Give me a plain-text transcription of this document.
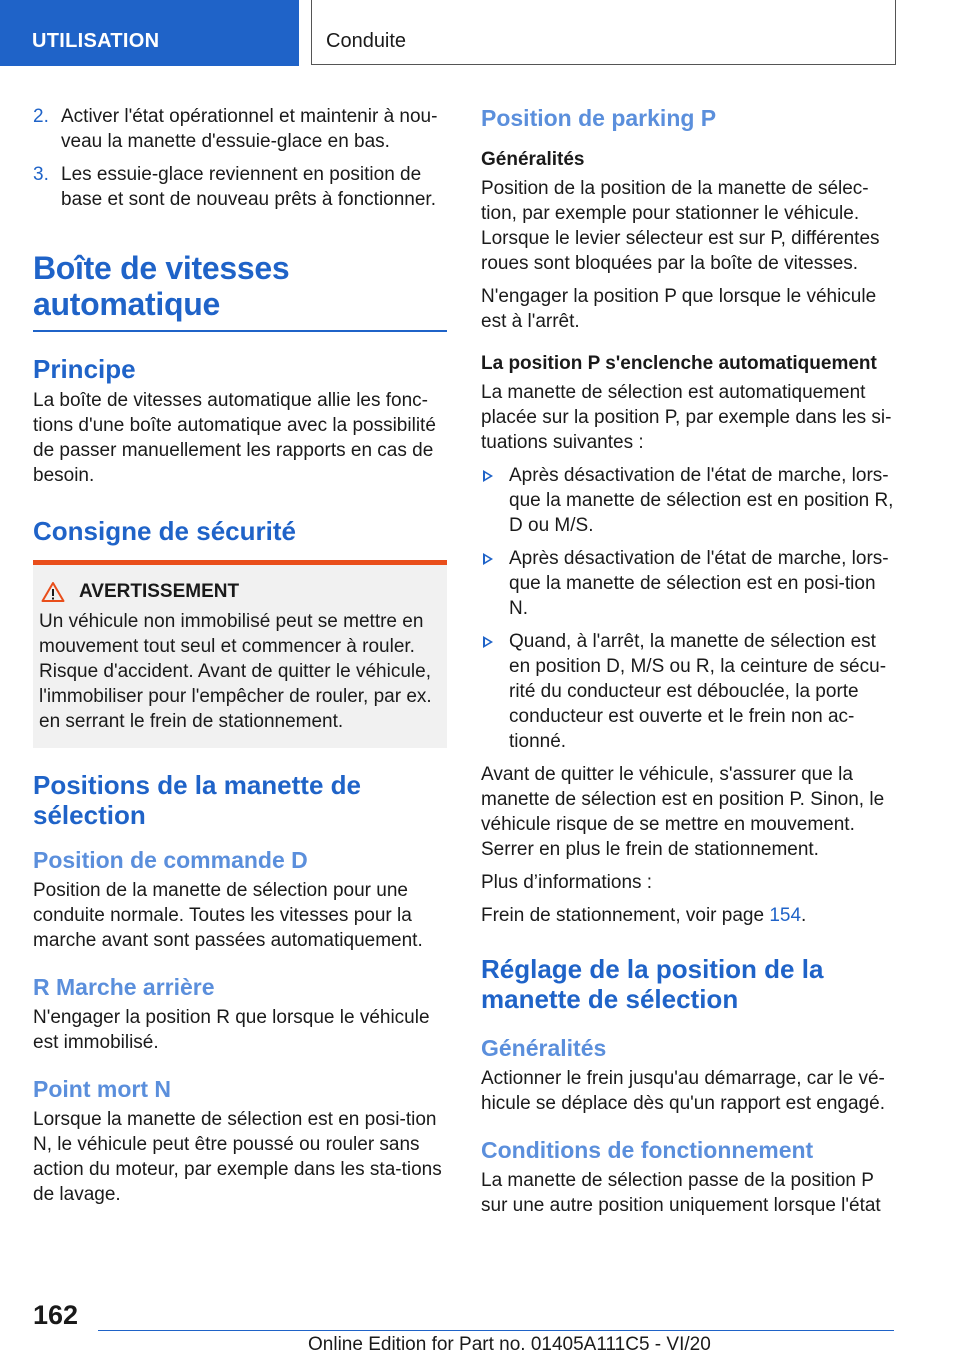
UTILISATION	Conduite
2. Activer l'état opérationnel et maintenir à nou-veau la manette d'essuie-glace en bas.
3. Les essuie-glace reviennent en position de base et sont de nouveau prêts à fonctionner.
Boîte de vitesses automatique
Principe

La boîte de vitesses automatique allie les fonc-tions d'une boîte automatique avec la possibilité de passer manuellement les rapports en cas de besoin.

Consigne de sécurité
AVERTISSEMENT

Un véhicule non immobilisé peut se mettre en mouvement tout seul et commencer à rouler. Risque d'accident. Avant de quitter le véhicule, l'immobiliser pour l'empêcher de rouler, par ex. en serrant le frein de stationnement.

Positions de la manette de sélection
Position de commande D

Position de la manette de sélection pour une conduite normale. Toutes les vitesses pour la marche avant sont passées automatiquement.

R Marche arrière

N'engager la position R que lorsque le véhicule est immobilisé.

Point mort N

Lorsque la manette de sélection est en posi-tion N, le véhicule peut être poussé ou rouler sans action du moteur, par exemple dans les sta-tions de lavage.

Position de parking P
Généralités

Position de la position de la manette de sélec-tion, par exemple pour stationner le véhicule. Lorsque le levier sélecteur est sur P, différentes roues sont bloquées par la boîte de vitesses.

N'engager la position P que lorsque le véhicule est à l'arrêt.

La position P s'enclenche automatiquement

La manette de sélection est automatiquement placée sur la position P, par exemple dans les si-tuations suivantes :

Après désactivation de l'état de marche, lors-que la manette de sélection est en position R, D ou M/S.
Après désactivation de l'état de marche, lors-que la manette de sélection est en posi-tion N.
Quand, à l'arrêt, la manette de sélection est en position D, M/S ou R, la ceinture de sécu-rité du conducteur est débouclée, la porte conducteur est ouverte et le frein non ac-tionné.

Avant de quitter le véhicule, s'assurer que la manette de sélection est en position P. Sinon, le véhicule risque de se mettre en mouvement. Serrer en plus le frein de stationnement.

Plus d’informations :

Frein de stationnement, voir page 154.

Réglage de la position de la manette de sélection
Généralités

Actionner le frein jusqu'au démarrage, car le vé-hicule se déplace dès qu'un rapport est engagé.

Conditions de fonctionnement

La manette de sélection passe de la position P sur une autre position uniquement lorsque l'état

162
Online Edition for Part no. 01405A111C5 - VI/20
